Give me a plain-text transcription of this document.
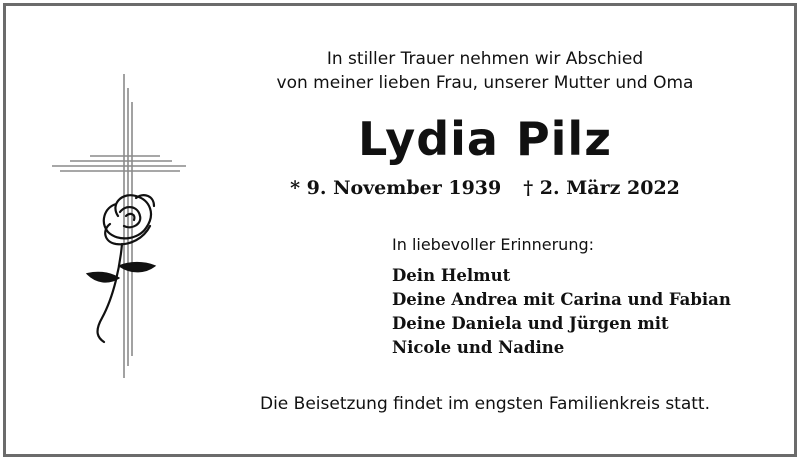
In stiller Trauer nehmen wir Abschied
von meiner lieben Frau, unserer Mutter und Oma
Lydia Pilz
* 9. November 1939 † 2. März 2022
In liebevoller Erinnerung:
Dein Helmut
Deine Andrea mit Carina und Fabian
Deine Daniela und Jürgen mit
Nicole und Nadine
Die Beisetzung findet im engsten Familienkreis statt.
